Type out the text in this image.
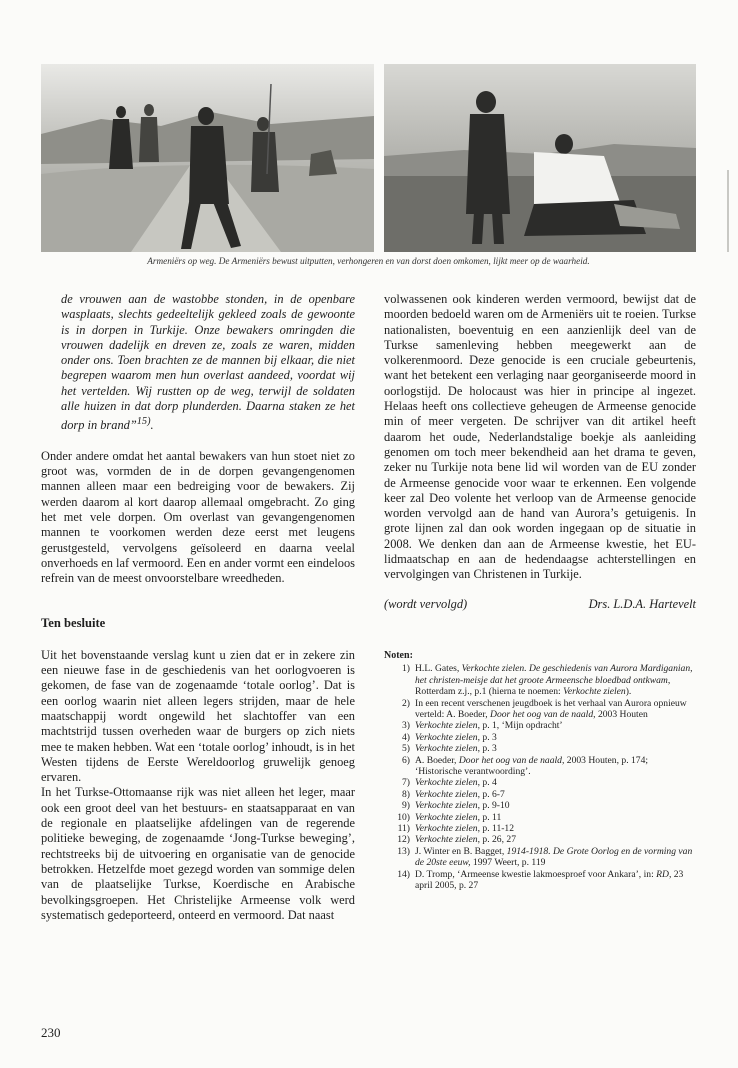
Armeniërs op weg. De Armeniërs bewust uitputten, verhongeren en van dorst doen omkomen, lijkt meer op de waarheid.

de vrouwen aan de wastobbe stonden, in de openbare wasplaats, slechts gedeeltelijk gekleed zoals de gewoonte is in dorpen in Turkije. Onze bewakers omringden die vrouwen dadelijk en dreven ze, zoals ze waren, midden onder ons. Toen brachten ze de mannen bij elkaar, die niet begrepen waarom men hun overlast aandeed, voordat wij het vertelden. Wij rustten op de weg, terwijl de soldaten alle huizen in dat dorp plunderden. Daarna staken ze het dorp in brand”$^{15)}$.

Onder andere omdat het aantal bewakers van hun stoet niet zo groot was, vormden de in de dorpen gevangengenomen mannen alleen maar een bedreiging voor de bewakers. Zij werden daarom al kort daarop allemaal omgebracht. Zo ging het met vele dorpen. Om overlast van gevangengenomen mannen te voorkomen werden deze eerst met leugens gerustgesteld, vervolgens geïsoleerd en daarna veelal onverhoeds en laf vermoord. Een en ander vormt een eindeloos refrein van de meest onvoorstelbare wreedheden.

Ten besluite

Uit het bovenstaande verslag kunt u zien dat er in zekere zin een nieuwe fase in de geschiedenis van het oorlogvoeren is gekomen, de fase van de zogenaamde ‘totale oorlog’. Dat is een oorlog waarin niet alleen legers strijden, maar de hele maatschappij wordt ongewild het slachtoffer van een machtstrijd tussen overheden waar de burgers op zich niets mee te maken hebben. Wat een ‘totale oorlog’ inhoudt, is in het Westen tijdens de Eerste Wereldoorlog gruwelijk genoeg ervaren.

In het Turkse-Ottomaanse rijk was niet alleen het leger, maar ook een groot deel van het bestuurs- en staatsapparaat en van de regionale en plaatselijke afdelingen van de regerende politieke beweging, de zogenaamde ‘Jong-Turkse beweging’, rechtstreeks bij de uitvoering en organisatie van de genocide betrokken. Hetzelfde moet gezegd worden van sommige delen van de plaatselijke Turkse, Koerdische en Arabische bevolkingsgroepen. Het Christelijke Armeense volk werd systematisch gedeporteerd, onteerd en vermoord. Dat naast

volwassenen ook kinderen werden vermoord, bewijst dat de moorden bedoeld waren om de Armeniërs uit te roeien. Turkse nationalisten, boeventuig en een aanzienlijk deel van de Turkse samenleving hebben meegewerkt aan de volkerenmoord. Deze genocide is een cruciale gebeurtenis, want het betekent een verlaging naar georganiseerde moord in oorlogstijd. De holocaust was hier in principe al ingezet. Helaas heeft ons collectieve geheugen de Armeense genocide min of meer vergeten. De schrijver van dit artikel heeft daarom het oude, Nederlandstalige boekje als aanleiding genomen om toch meer bekendheid aan het drama te geven, zeker nu Turkije nota bene lid wil worden van de EU zonder de Armeense genocide voor waar te erkennen. Een volgende keer zal Deo volente het verloop van de Armeense genocide worden vervolgd aan de hand van Aurora’s getuigenis. In grote lijnen zal dan ook worden ingegaan op de situatie in 2008. We denken dan aan de Armeense kwestie, het EU-lidmaatschap en aan de hedendaagse achterstellingen en vervolgingen van Christenen in Turkije.

(wordt vervolgd)	Drs. L.D.A. Hartevelt
Noten:
1) H.L. Gates, Verkochte zielen. De geschiedenis van Aurora Mardiganian, het christen-meisje dat het groote Armeensche bloedbad ontkwam, Rotterdam z.j., p.1 (hierna te noemen: Verkochte zielen).
2) In een recent verschenen jeugdboek is het verhaal van Aurora opnieuw verteld: A. Boeder, Door het oog van de naald, 2003 Houten
3) Verkochte zielen, p. 1, ‘Mijn opdracht’
4) Verkochte zielen, p. 3
5) Verkochte zielen, p. 3
6) A. Boeder, Door het oog van de naald, 2003 Houten, p. 174; ‘Historische verantwoording’.
7) Verkochte zielen, p. 4
8) Verkochte zielen, p. 6-7
9) Verkochte zielen, p. 9-10
10) Verkochte zielen, p. 11
11) Verkochte zielen, p. 11-12
12) Verkochte zielen, p. 26, 27
13) J. Winter en B. Bagget, 1914-1918. De Grote Oorlog en de vorming van de 20ste eeuw, 1997 Weert, p. 119
14) D. Tromp, ‘Armeense kwestie lakmoesproef voor Ankara’, in: RD, 23 april 2005, p. 27
230
